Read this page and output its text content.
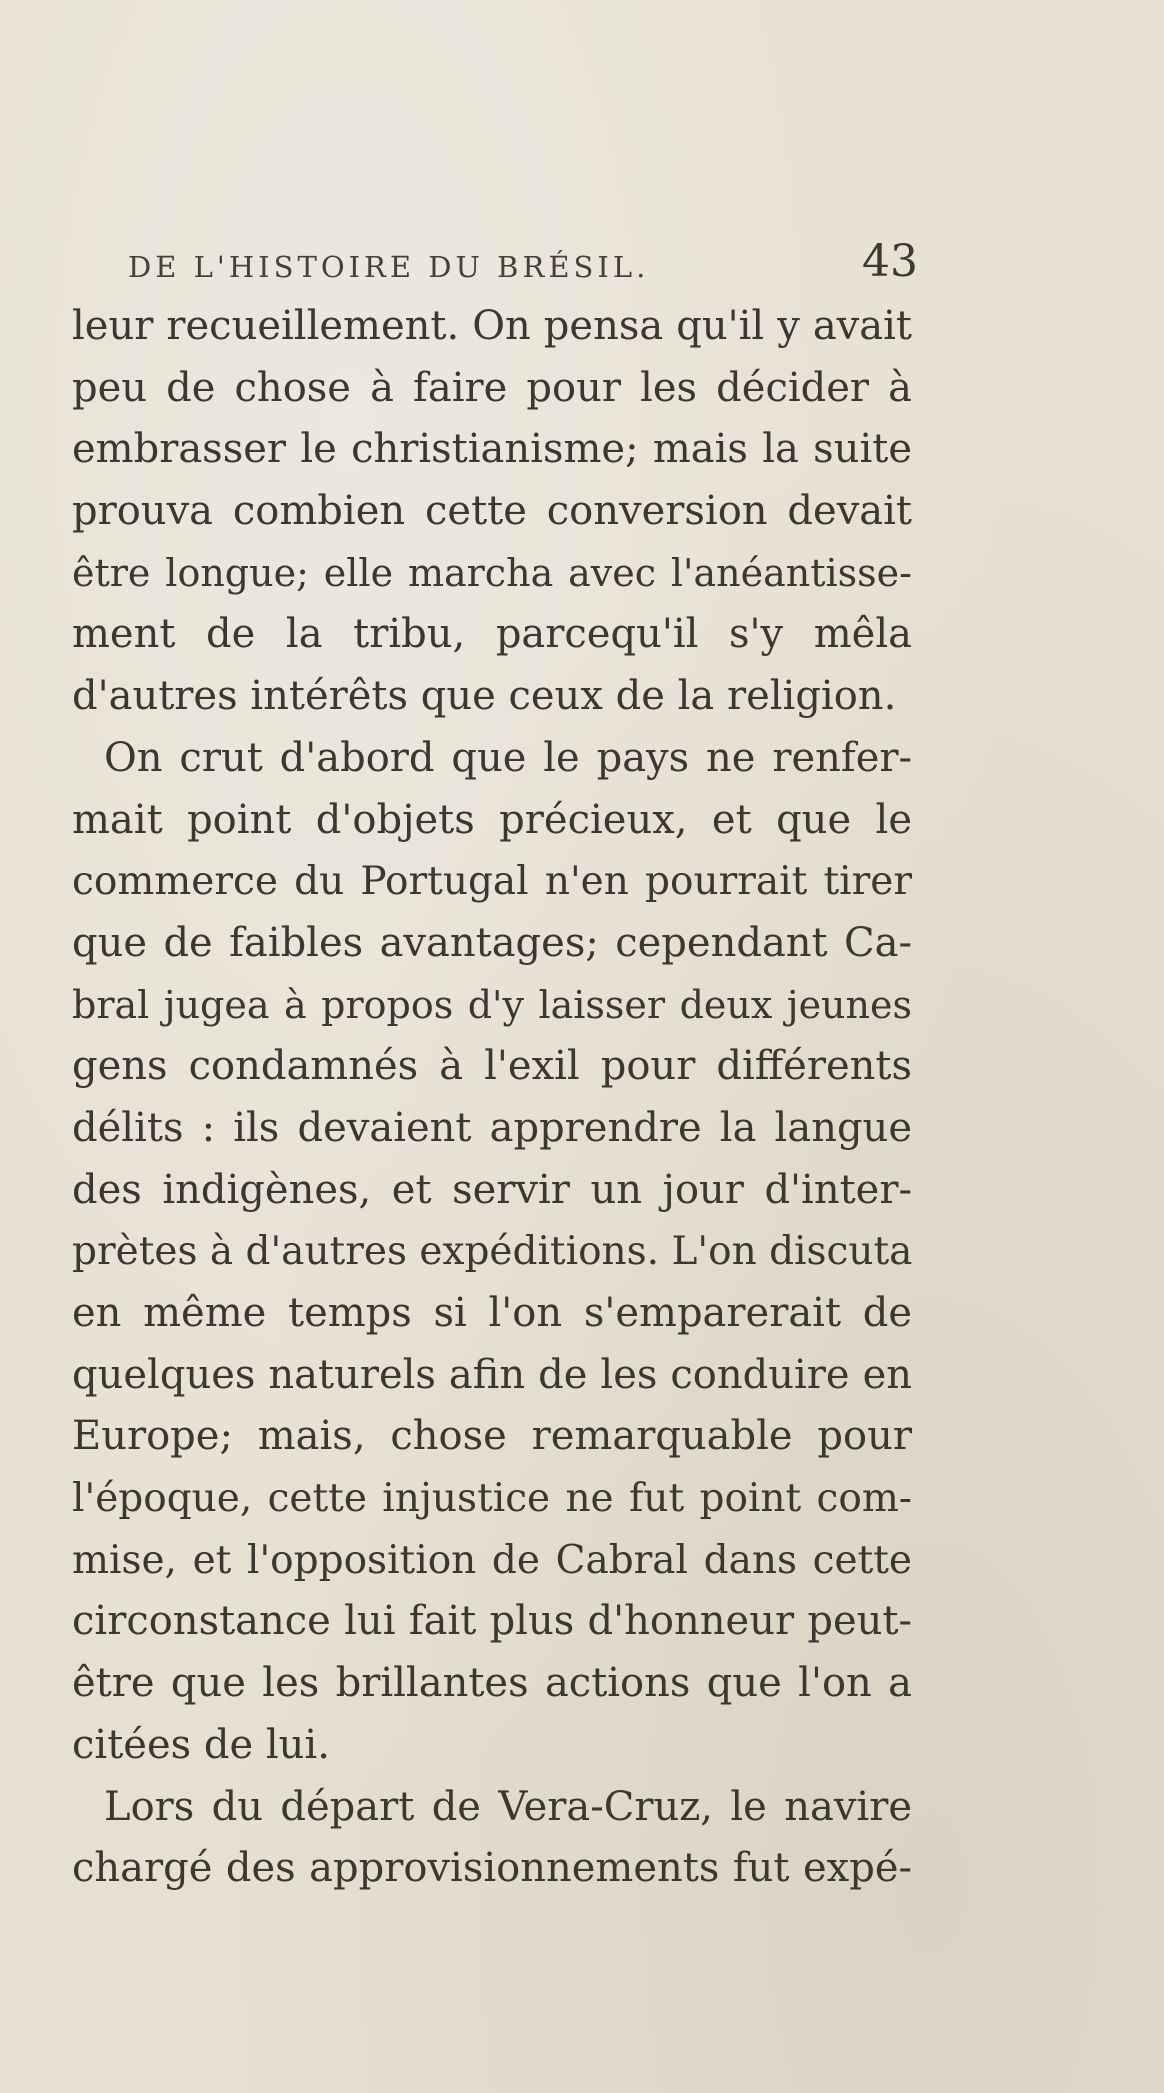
DE L'HISTOIRE DU BRÉSIL.	43
leur recueillement. On pensa qu'il y avait
peu de chose à faire pour les décider à
embrasser le christianisme; mais la suite
prouva combien cette conversion devait
être longue; elle marcha avec l'anéantisse-
ment de la tribu, parcequ'il s'y mêla
d'autres intérêts que ceux de la religion.
On crut d'abord que le pays ne renfer-
mait point d'objets précieux, et que le
commerce du Portugal n'en pourrait tirer
que de faibles avantages; cependant Ca-
bral jugea à propos d'y laisser deux jeunes
gens condamnés à l'exil pour différents
délits : ils devaient apprendre la langue
des indigènes, et servir un jour d'inter-
prètes à d'autres expéditions. L'on discuta
en même temps si l'on s'emparerait de
quelques naturels afin de les conduire en
Europe; mais, chose remarquable pour
l'époque, cette injustice ne fut point com-
mise, et l'opposition de Cabral dans cette
circonstance lui fait plus d'honneur peut-
être que les brillantes actions que l'on a
citées de lui.
Lors du départ de Vera-Cruz, le navire
chargé des approvisionnements fut expé-
